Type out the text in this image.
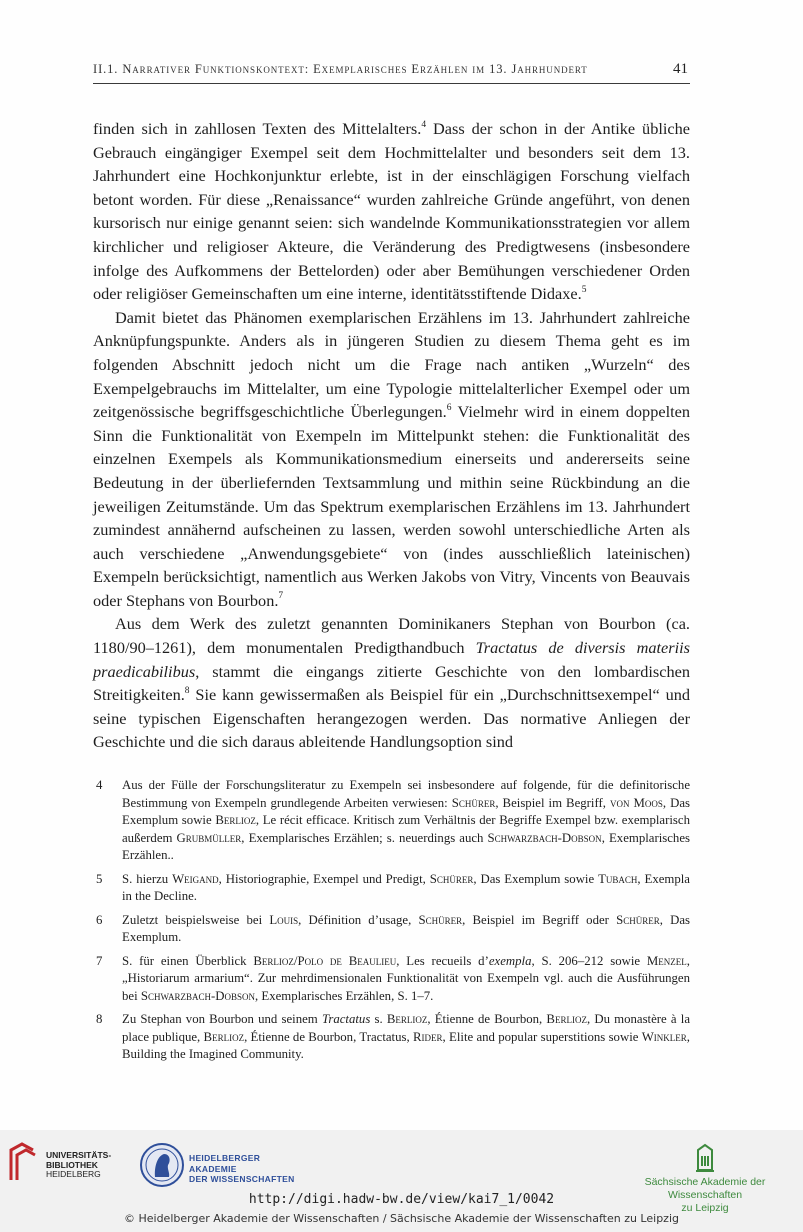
II.1. Narrativer Funktionskontext: Exemplarisches Erzählen im 13. Jahrhundert	41

finden sich in zahllosen Texten des Mittelalters.$^4$ Dass der schon in der Antike übliche Gebrauch eingängiger Exempel seit dem Hochmittelalter und besonders seit dem 13. Jahrhundert eine Hochkonjunktur erlebte, ist in der einschlägigen Forschung vielfach betont worden. Für diese „Renaissance“ wurden zahlreiche Gründe angeführt, von denen kursorisch nur einige genannt seien: sich wandelnde Kommunikationsstrategien vor allem kirchlicher und religioser Akteure, die Veränderung des Predigtwesens (insbesondere infolge des Aufkommens der Bettelorden) oder aber Bemühungen verschiedener Orden oder religiöser Gemeinschaften um eine interne, identitätsstiftende Didaxe.$^5$

Damit bietet das Phänomen exemplarischen Erzählens im 13. Jahrhundert zahlreiche Anknüpfungspunkte. Anders als in jüngeren Studien zu diesem Thema geht es im folgenden Abschnitt jedoch nicht um die Frage nach antiken „Wurzeln“ des Exempelgebrauchs im Mittelalter, um eine Typologie mittelalterlicher Exempel oder um zeitgenössische begriffsgeschichtliche Überlegungen.$^6$ Vielmehr wird in einem doppelten Sinn die Funktionalität von Exempeln im Mittelpunkt stehen: die Funktionalität des einzelnen Exempels als Kommunikationsmedium einerseits und andererseits seine Bedeutung in der überliefernden Textsammlung und mithin seine Rückbindung an die jeweiligen Zeitumstände. Um das Spektrum exemplarischen Erzählens im 13. Jahrhundert zumindest annähernd aufscheinen zu lassen, werden sowohl unterschiedliche Arten als auch verschiedene „Anwendungsgebiete“ von (indes ausschließlich lateinischen) Exempeln berücksichtigt, namentlich aus Werken Jakobs von Vitry, Vincents von Beauvais oder Stephans von Bourbon.$^7$

Aus dem Werk des zuletzt genannten Dominikaners Stephan von Bourbon (ca. 1180/90–1261), dem monumentalen Predigthandbuch Tractatus de diversis materiis praedicabilibus, stammt die eingangs zitierte Geschichte von den lombardischen Streitigkeiten.$^8$ Sie kann gewissermaßen als Beispiel für ein „Durchschnittsexempel“ und seine typischen Eigenschaften herangezogen werden. Das normative Anliegen der Geschichte und die sich daraus ableitende Handlungsoption sind

4 Aus der Fülle der Forschungsliteratur zu Exempeln sei insbesondere auf folgende, für die definitorische Bestimmung von Exempeln grundlegende Arbeiten verwiesen: Schürer, Beispiel im Begriff, von Moos, Das Exemplum sowie Berlioz, Le récit efficace. Kritisch zum Verhältnis der Begriffe Exempel bzw. exemplarisch außerdem Grubmüller, Exemplarisches Erzählen; s. neuerdings auch Schwarzbach-Dobson, Exemplarisches Erzählen..
5 S. hierzu Weigand, Historiographie, Exempel und Predigt, Schürer, Das Exemplum sowie Tubach, Exempla in the Decline.
6 Zuletzt beispielsweise bei Louis, Définition d’usage, Schürer, Beispiel im Begriff oder Schürer, Das Exemplum.
7 S. für einen Überblick Berlioz/Polo de Beaulieu, Les recueils d’exempla, S. 206–212 sowie Menzel, „Historiarum armarium“. Zur mehrdimensionalen Funktionalität von Exempeln vgl. auch die Ausführungen bei Schwarzbach-Dobson, Exemplarisches Erzählen, S. 1–7.
8 Zu Stephan von Bourbon und seinem Tractatus s. Berlioz, Étienne de Bourbon, Berlioz, Du monastère à la place publique, Berlioz, Étienne de Bourbon, Tractatus, Rider, Elite and popular superstitions sowie Winkler, Building the Imagined Community.
UNIVERSITÄTS-
BIBLIOTHEK
HEIDELBERG
HEIDELBERGER AKADEMIE
DER WISSENSCHAFTEN	Sächsische Akademie der Wissenschaften
zu Leipzig
http://digi.hadw-bw.de/view/kai7_1/0042
© Heidelberger Akademie der Wissenschaften / Sächsische Akademie der Wissenschaften zu Leipzig
